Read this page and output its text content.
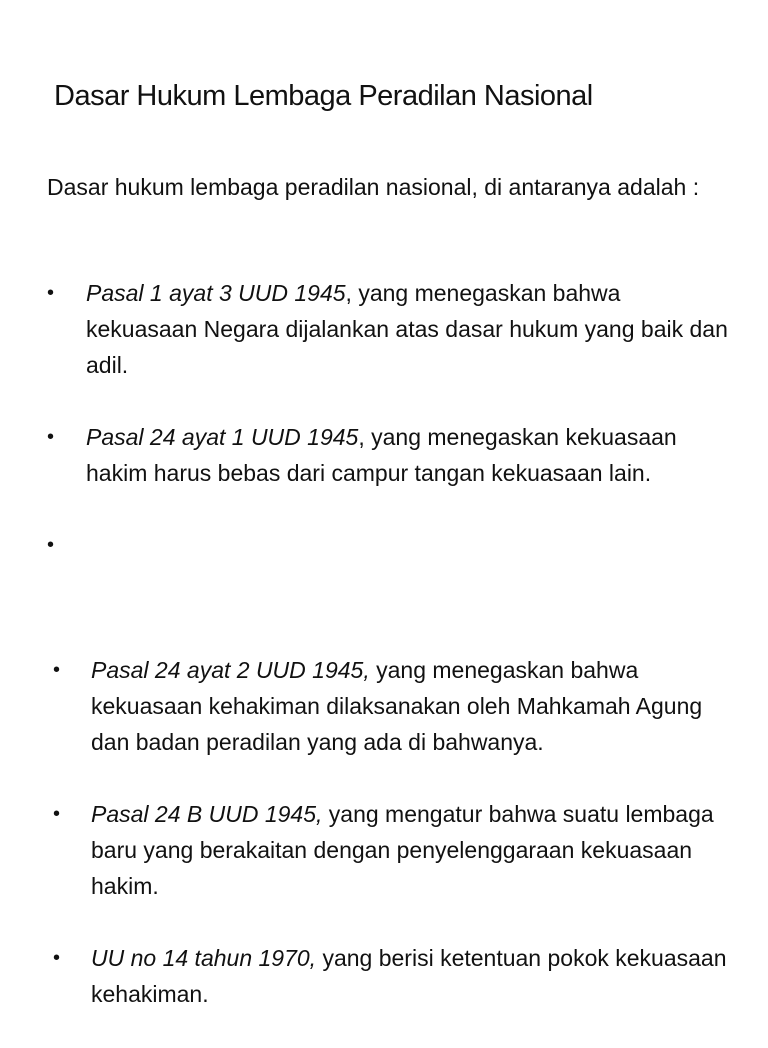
Dasar Hukum Lembaga Peradilan Nasional

Dasar hukum lembaga peradilan nasional, di antaranya adalah :

• Pasal 1 ayat 3 UUD 1945, yang menegaskan bahwa kekuasaan Negara dijalankan atas dasar hukum yang baik dan adil.
• Pasal 24 ayat 1 UUD 1945, yang menegaskan kekuasaan hakim harus bebas dari campur tangan kekuasaan lain.
•
• Pasal 24 ayat 2 UUD 1945, yang menegaskan bahwa kekuasaan kehakiman dilaksanakan oleh Mahkamah Agung dan badan peradilan yang ada di bahwanya.
• Pasal 24 B UUD 1945, yang mengatur bahwa suatu lembaga baru yang berakaitan dengan penyelenggaraan kekuasaan hakim.
• UU no 14 tahun 1970, yang berisi ketentuan pokok kekuasaan kehakiman.
